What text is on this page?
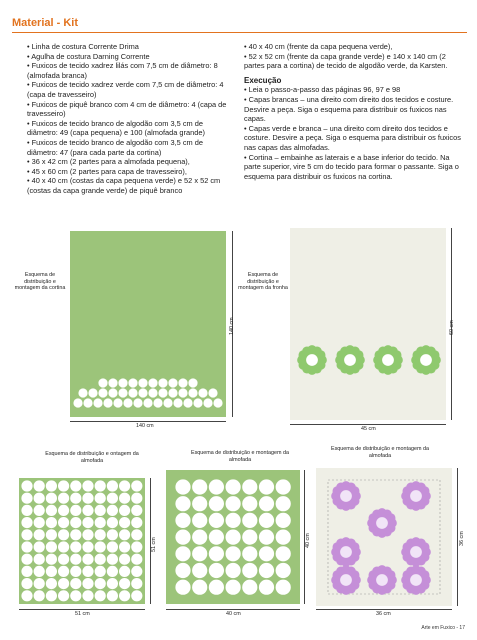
Material - Kit

• Linha de costura Corrente Drima

• Agulha de costura Darning Corrente

• Fuxicos de tecido xadrez lilás com 7,5 cm de diâmetro: 8 (almofada branca)

• Fuxicos de tecido xadrez verde com 7,5 cm de diâmetro: 4 (capa de travesseiro)

• Fuxicos de piquê branco com 4 cm de diâmetro: 4 (capa de travesseiro)

• Fuxicos de tecido branco de algodão com 3,5 cm de diâmetro: 49 (capa pequena) e 100 (almofada grande)

• Fuxicos de tecido branco de algodão com 3,5 cm de diâmetro: 47 (para cada parte da cortina)

• 36 x 42 cm (2 partes para a almofada pequena),

• 45 x 60 cm (2 partes para capa de travesseiro),

• 40 x 40 cm (costas da capa pequena verde) e 52 x 52 cm (costas da capa grande verde) de piquê branco

• 40 x 40 cm (frente da capa pequena verde),

• 52 x 52 cm (frente da capa grande verde) e 140 x 140 cm (2 partes para a cortina) de tecido de algodão verde, da Karsten.

Execução

• Leia o passo-a-passo das páginas 96, 97 e 98

• Capas brancas – una direito com direito dos tecidos e costure. Desvire a peça. Siga o esquema para distribuir os fuxicos nas capas.

• Capas verde e branca – una direito com direito dos tecidos e costure. Desvire a peça. Siga o esquema para distribuir os fuxicos nas capas das almofadas.

• Cortina – embainhe as laterais e a base inferior do tecido. Na parte superior, vire 5 cm do tecido para formar o passante. Siga o esquema para distribuir os fuxicos na cortina.

Esquema de distribuição e montagem da cortina
140 cm
140 cm
Esquema de distribuição e montagem da fronha
60 cm
45 cm
Esquema de distribuição e ontagem da almofada
51 cm
51 cm
Esquema de distribuição e montagem da almofada
40 cm
40 cm
Esquema de distribuição e montagem da almofada
36 cm
36 cm
Arte em Fuxico - 17
